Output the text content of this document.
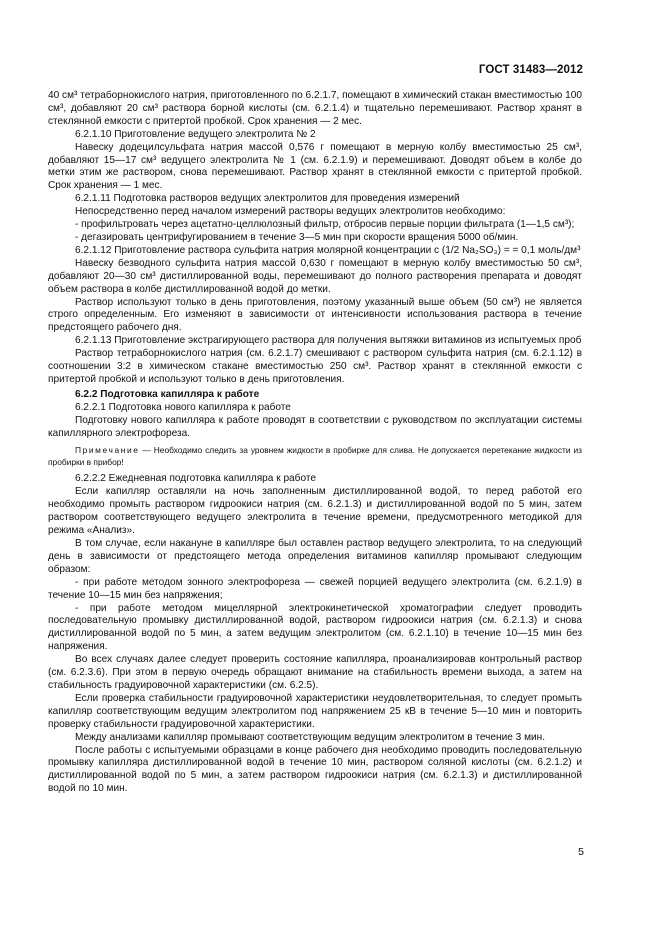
ГОСТ 31483—2012

40 см³ тетраборнокислого натрия, приготовленного по 6.2.1.7, помещают в химический стакан вместимостью 100 см³, добавляют 20 см³ раствора борной кислоты (см. 6.2.1.4) и тщательно перемешивают. Раствор хранят в стеклянной емкости с притертой пробкой. Срок хранения — 2 мес.

6.2.1.10 Приготовление ведущего электролита № 2

Навеску додецилсульфата натрия массой 0,576 г помещают в мерную колбу вместимостью 25 см³, добавляют 15—17 см³ ведущего электролита № 1 (см. 6.2.1.9) и перемешивают. Доводят объем в колбе до метки этим же раствором, снова перемешивают. Раствор хранят в стеклянной емкости с притертой пробкой. Срок хранения — 1 мес.

6.2.1.11 Подготовка растворов ведущих электролитов для проведения измерений

Непосредственно перед началом измерений растворы ведущих электролитов необходимо:

- профильтровать через ацетатно-целлюлозный фильтр, отбросив первые порции фильтрата (1—1,5 см³);

- дегазировать центрифугированием в течение 3—5 мин при скорости вращения 5000 об/мин.

6.2.1.12 Приготовление раствора сульфита натрия молярной концентрации c (1/2 Na₂SO₃) = = 0,1 моль/дм³

Навеску безводного сульфита натрия массой 0,630 г помещают в мерную колбу вместимостью 50 см³, добавляют 20—30 см³ дистиллированной воды, перемешивают до полного растворения препарата и доводят объем раствора в колбе дистиллированной водой до метки.

Раствор используют только в день приготовления, поэтому указанный выше объем (50 см³) не является строго определенным. Его изменяют в зависимости от интенсивности использования раствора в течение предстоящего рабочего дня.

6.2.1.13 Приготовление экстрагирующего раствора для получения вытяжки витаминов из испытуемых проб

Раствор тетраборнокислого натрия (см. 6.2.1.7) смешивают с раствором сульфита натрия (см. 6.2.1.12) в соотношении 3:2 в химическом стакане вместимостью 250 см³. Раствор хранят в стеклянной емкости с притертой пробкой и используют только в день приготовления.

6.2.2 Подготовка капилляра к работе

6.2.2.1 Подготовка нового капилляра к работе

Подготовку нового капилляра к работе проводят в соответствии с руководством по эксплуатации системы капиллярного электрофореза.

Примечание — Необходимо следить за уровнем жидкости в пробирке для слива. Не допускается перетекание жидкости из пробирки в прибор!

6.2.2.2 Ежедневная подготовка капилляра к работе

Если капилляр оставляли на ночь заполненным дистиллированной водой, то перед работой его необходимо промыть раствором гидроокиси натрия (см. 6.2.1.3) и дистиллированной водой по 5 мин, затем раствором соответствующего ведущего электролита в течение времени, предусмотренного методикой для режима «Анализ».

В том случае, если накануне в капилляре был оставлен раствор ведущего электролита, то на следующий день в зависимости от предстоящего метода определения витаминов капилляр промывают следующим образом:

- при работе методом зонного электрофореза — свежей порцией ведущего электролита (см. 6.2.1.9) в течение 10—15 мин без напряжения;

- при работе методом мицеллярной электрокинетической хроматографии следует проводить последовательную промывку дистиллированной водой, раствором гидроокиси натрия (см. 6.2.1.3) и снова дистиллированной водой по 5 мин, а затем ведущим электролитом (см. 6.2.1.10) в течение 10—15 мин без напряжения.

Во всех случаях далее следует проверить состояние капилляра, проанализировав контрольный раствор (см. 6.2.3.6). При этом в первую очередь обращают внимание на стабильность времени выхода, а затем на стабильность градуировочной характеристики (см. 6.2.5).

Если проверка стабильности градуировочной характеристики неудовлетворительная, то следует промыть капилляр соответствующим ведущим электролитом под напряжением 25 кВ в течение 5—10 мин и повторить проверку стабильности градуировочной характеристики.

Между анализами капилляр промывают соответствующим ведущим электролитом в течение 3 мин.

После работы с испытуемыми образцами в конце рабочего дня необходимо проводить последовательную промывку капилляра дистиллированной водой в течение 10 мин, раствором соляной кислоты (см. 6.2.1.2) и дистиллированной водой по 5 мин, а затем раствором гидроокиси натрия (см. 6.2.1.3) и дистиллированной водой по 10 мин.

5
